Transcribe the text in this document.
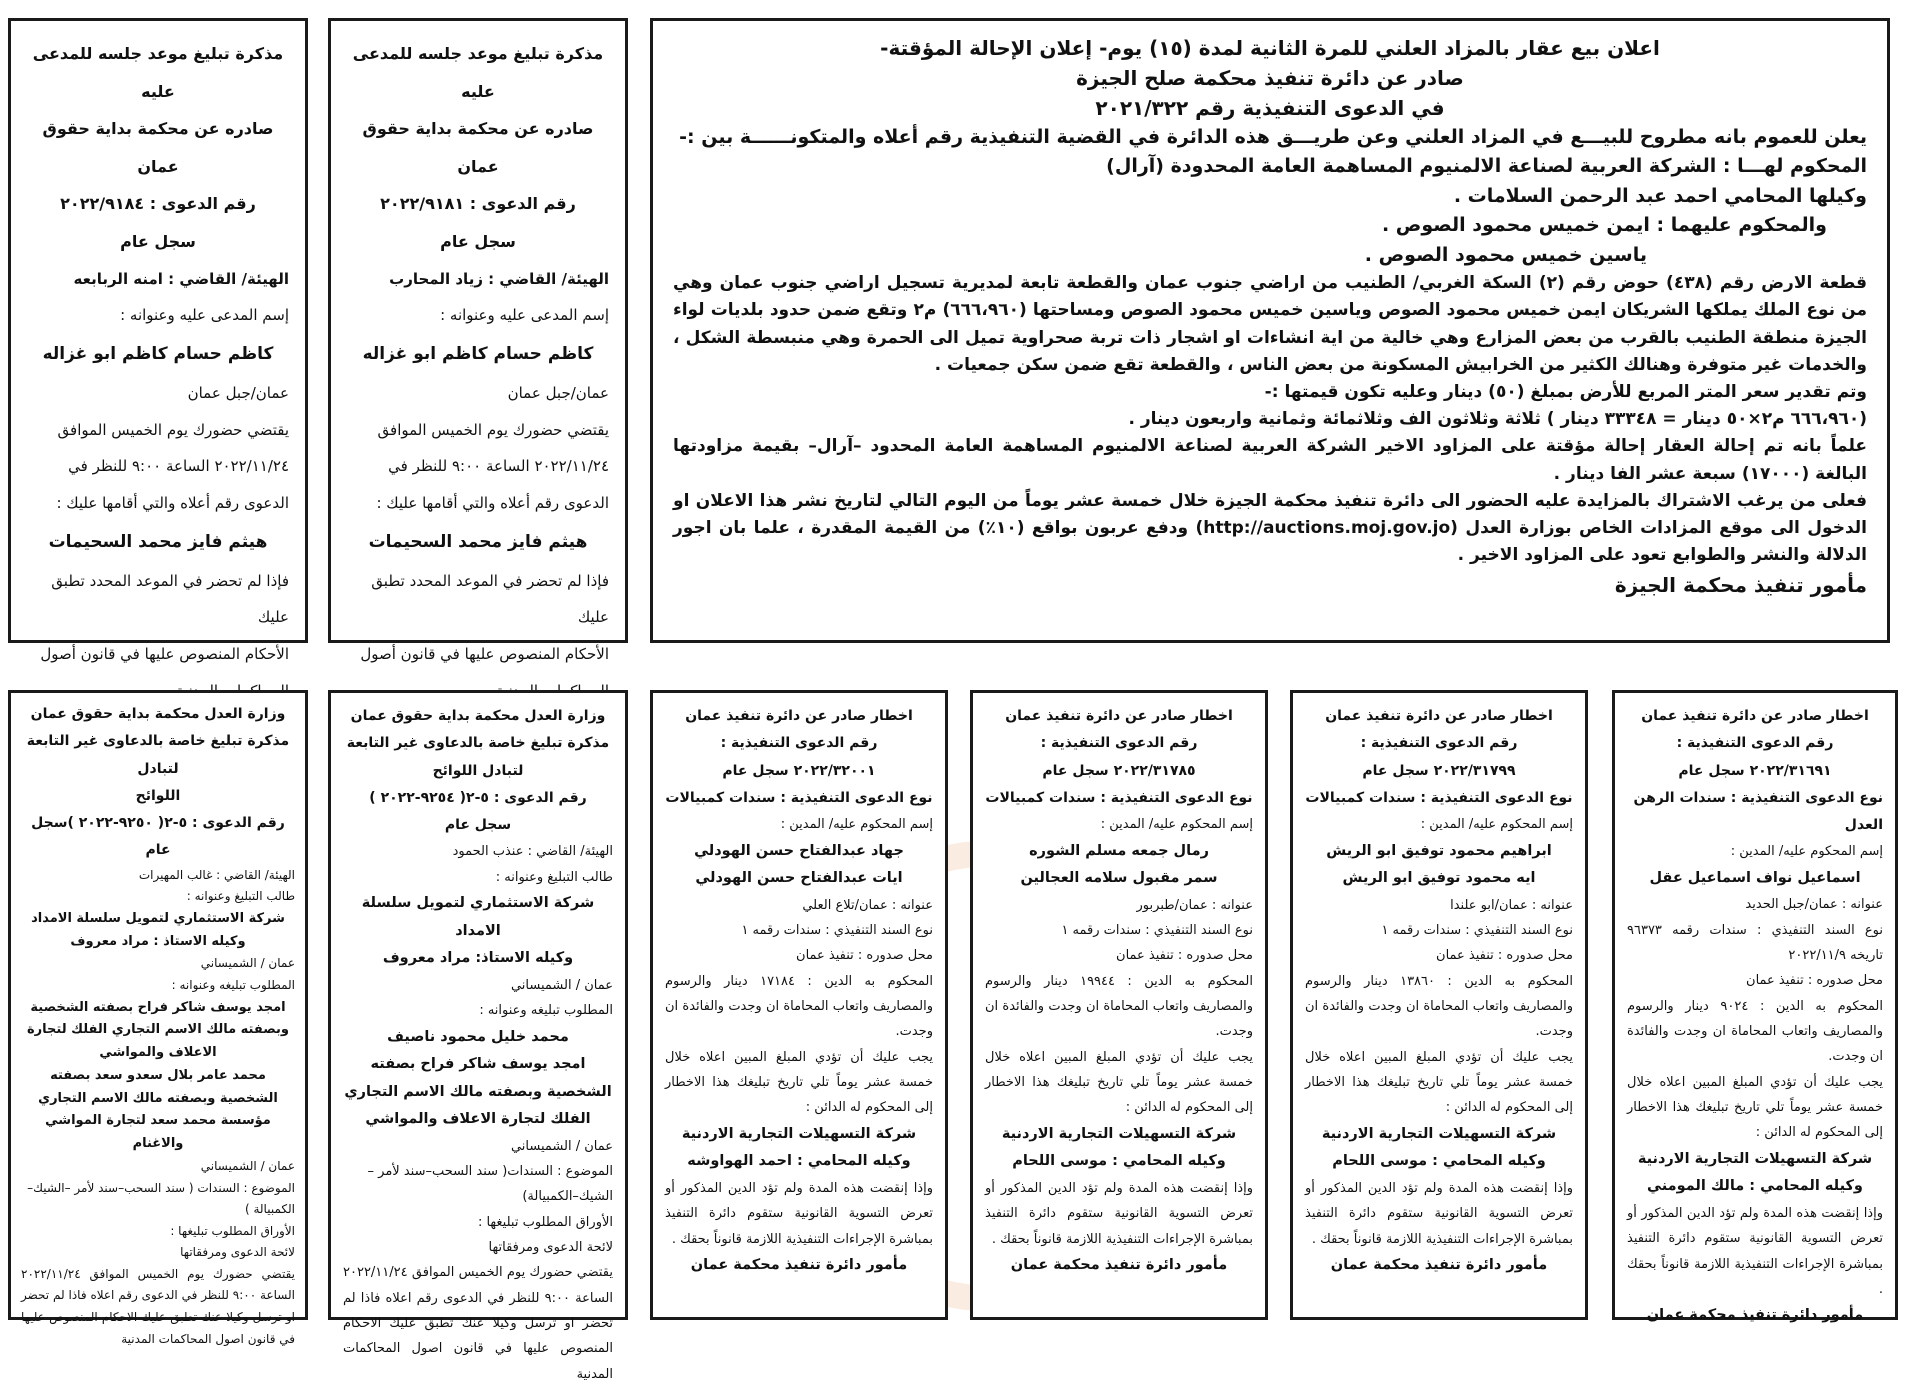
اعلان بيع عقار بالمزاد العلني للمرة الثانية لمدة (١٥) يوم- إعلان الإحالة المؤقتة-

صادر عن دائرة تنفيذ محكمة صلح الجيزة

في الدعوى التنفيذية رقم ٢٠٢١/٣٢٢

يعلن للعموم بانه مطروح للبيـــع في المزاد العلني وعن طريـــق هذه الدائرة في القضية التنفيذية رقم أعلاه والمتكونــــــة بين :-

المحكوم لهـــا : الشركة العربية لصناعة الالمنيوم المساهمة العامة المحدودة (آرال)

وكيلها المحامي احمد عبد الرحمن السلامات .

والمحكوم عليهما : ايمن خميس محمود الصوص .

ياسين خميس محمود الصوص .

قطعة الارض رقم (٤٣٨) حوض رقم (٢) السكة الغربي/ الطنيب من اراضي جنوب عمان والقطعة تابعة لمديرية تسجيل اراضي جنوب عمان وهي من نوع الملك يملكها الشريكان ايمن خميس محمود الصوص وياسين خميس محمود الصوص ومساحتها (٦٦٦،٩٦٠) م٢ وتقع ضمن حدود بلديات لواء الجيزة منطقة الطنيب بالقرب من بعض المزارع وهي خالية من اية انشاءات او اشجار ذات تربة صحراوية تميل الى الحمرة وهي منبسطة الشكل ، والخدمات غير متوفرة وهنالك الكثير من الخرابيش المسكونة من بعض الناس ، والقطعة تقع ضمن سكن جمعيات .

وتم تقدير سعر المتر المربع للأرض بمبلغ (٥٠) دينار وعليه تكون قيمتها :-

(٦٦٦،٩٦٠ م٢×٥٠ دينار = ٣٣٣٤٨ دينار ) ثلاثة وثلاثون الف وثلاثمائة وثمانية واربعون دينار .

علماً بانه تم إحالة العقار إحالة مؤقتة على المزاود الاخير الشركة العربية لصناعة الالمنيوم المساهمة العامة المحدود –آرال– بقيمة مزاودتها البالغة (١٧٠٠٠) سبعة عشر الفا دينار .

فعلى من يرغب الاشتراك بالمزايدة عليه الحضور الى دائرة تنفيذ محكمة الجيزة خلال خمسة عشر يوماً من اليوم التالي لتاريخ نشر هذا الاعلان او الدخول الى موقع المزادات الخاص بوزارة العدل (http://auctions.moj.gov.jo) ودفع عربون بواقع (١٠٪) من القيمة المقدرة ، علما بان اجور الدلالة والنشر والطوابع تعود على المزاود الاخير .

مأمور تنفيذ محكمة الجيزة

مذكرة تبليغ موعد جلسه للمدعى عليه

صادره عن محكمة بداية حقوق عمان

رقم الدعوى : ٢٠٢٢/٩١٨١

سجل عام

الهيئة/ القاضي : زياد المحارب

إسم المدعى عليه وعنوانه :

كاظم حسام كاظم ابو غزاله

عمان/جبل عمان

يقتضي حضورك يوم الخميس الموافق

٢٠٢٢/١١/٢٤ الساعة ٩:٠٠ للنظر في

الدعوى رقم أعلاه والتي أقامها عليك :

هيثم فايز محمد السحيمات

فإذا لم تحضر في الموعد المحدد تطبق عليك

الأحكام المنصوص عليها في قانون أصول

مذكرة تبليغ موعد جلسه للمدعى عليه

صادره عن محكمة بداية حقوق عمان

رقم الدعوى : ٢٠٢٢/٩١٨٤

سجل عام

الهيئة/ القاضي : امنه الربابعه

إسم المدعى عليه وعنوانه :

كاظم حسام كاظم ابو غزاله

عمان/جبل عمان

يقتضي حضورك يوم الخميس الموافق

٢٠٢٢/١١/٢٤ الساعة ٩:٠٠ للنظر في

الدعوى رقم أعلاه والتي أقامها عليك :

هيثم فايز محمد السحيمات

فإذا لم تحضر في الموعد المحدد تطبق عليك

الأحكام المنصوص عليها في قانون أصول

اخطار صادر عن دائرة تنفيذ عمان

رقم الدعوى التنفيذية :

٢٠٢٢/٣١٦٩١ سجل عام

نوع الدعوى التنفيذية : سندات الرهن العدل

إسم المحكوم عليه/ المدين :

اسماعيل نواف اسماعيل عقل

عنوانه : عمان/جبل الحديد

نوع السند التنفيذي : سندات رقمه ٩٦٣٧٣ تاريخه ٢٠٢٢/١١/٩

محل صدوره : تنفيذ عمان

المحكوم به الدين : ٩٠٢٤ دينار والرسوم والمصاريف واتعاب المحاماة ان وجدت والفائدة ان وجدت.

يجب عليك أن تؤدي المبلغ المبين اعلاه خلال خمسة عشر يوماً تلي تاريخ تبليغك هذا الاخطار إلى المحكوم له الدائن :

شركة التسهيلات التجارية الاردنية

وكيله المحامي : مالك المومني

وإذا إنقضت هذه المدة ولم تؤد الدين المذكور أو تعرض التسوية القانونية ستقوم دائرة التنفيذ بمباشرة الإجراءات التنفيذية اللازمة قانوناً بحقك .

مأمور دائرة تنفيذ محكمة عمان

اخطار صادر عن دائرة تنفيذ عمان

رقم الدعوى التنفيذية :

٢٠٢٢/٣١٧٩٩ سجل عام

نوع الدعوى التنفيذية : سندات كمبيالات

إسم المحكوم عليه/ المدين :

ابراهيم محمود توفيق ابو الريش

ايه محمود توفيق ابو الريش

عنوانه : عمان/ابو علندا

نوع السند التنفيذي : سندات رقمه ١

محل صدوره : تنفيذ عمان

المحكوم به الدين : ١٣٨٦٠ دينار والرسوم والمصاريف واتعاب المحاماة ان وجدت والفائدة ان وجدت.

يجب عليك أن تؤدي المبلغ المبين اعلاه خلال خمسة عشر يوماً تلي تاريخ تبليغك هذا الاخطار إلى المحكوم له الدائن :

شركة التسهيلات التجارية الاردنية

وكيله المحامي : موسى اللحام

وإذا إنقضت هذه المدة ولم تؤد الدين المذكور أو تعرض التسوية القانونية ستقوم دائرة التنفيذ بمباشرة الإجراءات التنفيذية اللازمة قانوناً بحقك .

مأمور دائرة تنفيذ محكمة عمان

اخطار صادر عن دائرة تنفيذ عمان

رقم الدعوى التنفيذية :

٢٠٢٢/٣١٧٨٥ سجل عام

نوع الدعوى التنفيذية : سندات كمبيالات

إسم المحكوم عليه/ المدين :

رمال جمعه مسلم الشوره

سمر مقبول سلامه العجالين

عنوانه : عمان/طبربور

نوع السند التنفيذي : سندات رقمه ١

محل صدوره : تنفيذ عمان

المحكوم به الدين : ١٩٩٤٤ دينار والرسوم والمصاريف واتعاب المحاماة ان وجدت والفائدة ان وجدت.

يجب عليك أن تؤدي المبلغ المبين اعلاه خلال خمسة عشر يوماً تلي تاريخ تبليغك هذا الاخطار إلى المحكوم له الدائن :

شركة التسهيلات التجارية الاردنية

وكيله المحامي : موسى اللحام

وإذا إنقضت هذه المدة ولم تؤد الدين المذكور أو تعرض التسوية القانونية ستقوم دائرة التنفيذ بمباشرة الإجراءات التنفيذية اللازمة قانوناً بحقك .

مأمور دائرة تنفيذ محكمة عمان

اخطار صادر عن دائرة تنفيذ عمان

رقم الدعوى التنفيذية :

٢٠٢٢/٣٢٠٠١ سجل عام

نوع الدعوى التنفيذية : سندات كمبيالات

إسم المحكوم عليه/ المدين :

جهاد عبدالفتاح حسن الهودلي

ايات عبدالفتاح حسن الهودلي

عنوانه : عمان/تلاع العلي

نوع السند التنفيذي : سندات رقمه ١

محل صدوره : تنفيذ عمان

المحكوم به الدين : ١٧١٨٤ دينار والرسوم والمصاريف واتعاب المحاماة ان وجدت والفائدة ان وجدت.

يجب عليك أن تؤدي المبلغ المبين اعلاه خلال خمسة عشر يوماً تلي تاريخ تبليغك هذا الاخطار إلى المحكوم له الدائن :

شركة التسهيلات التجارية الاردنية

وكيله المحامي : احمد الهواوشه

وإذا إنقضت هذه المدة ولم تؤد الدين المذكور أو تعرض التسوية القانونية ستقوم دائرة التنفيذ بمباشرة الإجراءات التنفيذية اللازمة قانوناً بحقك .

مأمور دائرة تنفيذ محكمة عمان

وزارة العدل محكمة بداية حقوق عمان

مذكرة تبليغ خاصة بالدعاوى غير التابعة

لتبادل اللوائح

رقم الدعوى : ٥-٢( ٩٢٥٤-٢٠٢٢ )

سجل عام

الهيئة/ القاضي : عنذب الحمود

طالب التبليغ وعنوانه :

شركة الاستثماري لتمويل سلسلة الامداد

وكيله الاستاذ: مراد معروف

عمان / الشميساني

المطلوب تبليغه وعنوانه :

محمد خليل محمود ناصيف

امجد يوسف شاكر فراح بصفته الشخصية وبصفته مالك الاسم التجاري الفلك لتجارة الاعلاف والمواشي

عمان / الشميساني

الموضوع : السندات( سند السحب–سند لأمر –الشيك–الكمبيالة)

الأوراق المطلوب تبليغها :

لائحة الدعوى ومرفقاتها

يقتضي حضورك يوم الخميس الموافق ٢٠٢٢/١١/٢٤ الساعة ٩:٠٠ للنظر في الدعوى رقم اعلاه فاذا لم تحضر او ترسل وكيلا عنك تطبق عليك الاحكام المنصوص عليها في قانون اصول المحاكمات المدنية

وزارة العدل محكمة بداية حقوق عمان

مذكرة تبليغ خاصة بالدعاوى غير التابعة لتبادل

اللوائح

رقم الدعوى : ٥-٢( ٩٢٥٠-٢٠٢٢ )سجل عام

الهيئة/ القاضي : غالب المهيرات

طالب التبليغ وعنوانه :

شركة الاستثماري لتمويل سلسلة الامداد

وكيله الاستاذ : مراد معروف

عمان / الشميساني

المطلوب تبليغه وعنوانه :

امجد يوسف شاكر فراح بصفته الشخصية وبصفته مالك الاسم التجاري الفلك لتجارة الاعلاف والمواشي

محمد عامر بلال سعدو سعد بصفته الشخصية وبصفته مالك الاسم التجاري مؤسسة محمد سعد لتجارة المواشي والاغنام

عمان / الشميساني

الموضوع : السندات ( سند السحب–سند لأمر –الشيك–الكمبيالة )

الأوراق المطلوب تبليغها :

لائحة الدعوى ومرفقاتها

يقتضي حضورك يوم الخميس الموافق ٢٠٢٢/١١/٢٤ الساعة ٩:٠٠ للنظر في الدعوى رقم اعلاه فاذا لم تحضر او ترسل وكيلا عنك تطبق عليك الاحكام المنصوص عليها في قانون اصول المحاكمات المدنية
